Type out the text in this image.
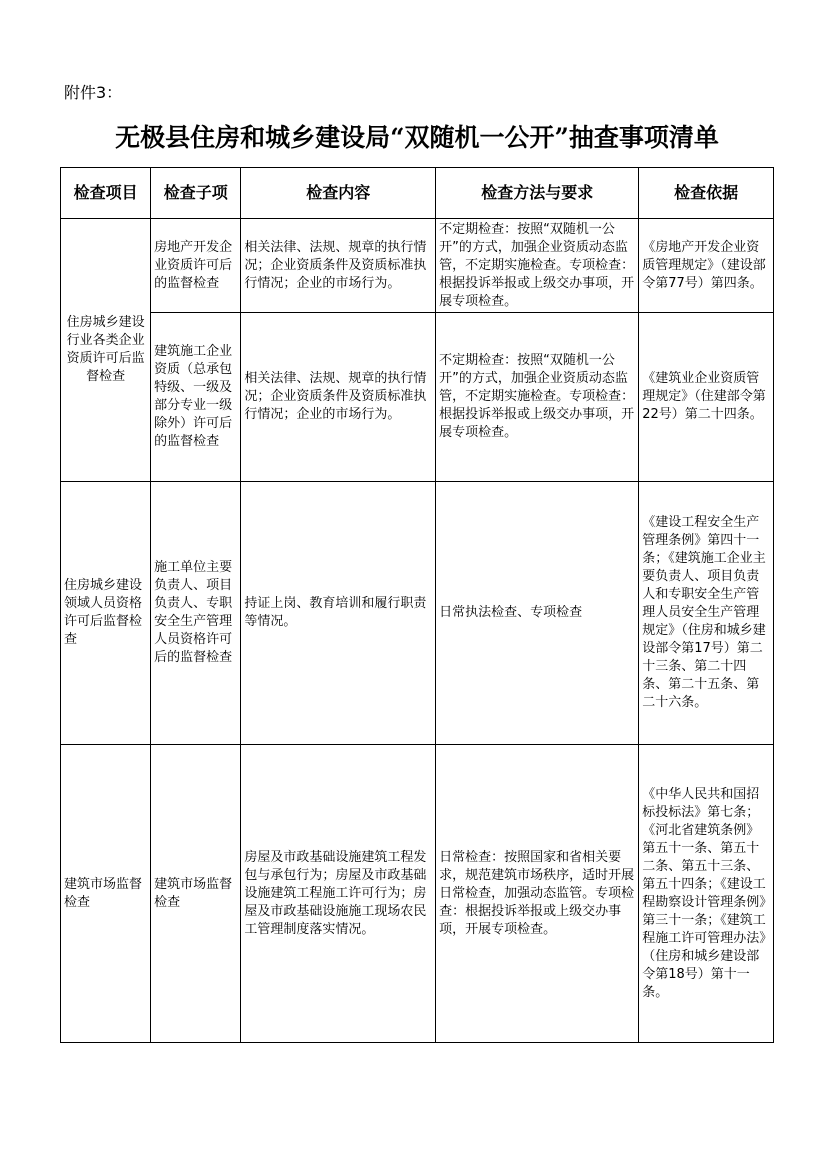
附件3：
无极县住房和城乡建设局“双随机一公开”抽查事项清单
检查项目	检查子项	检查内容	检查方法与要求	检查依据
住房城乡建设行业各类企业资质许可后监督检查	房地产开发企业资质许可后的监督检查	相关法律、法规、规章的执行情况；企业资质条件及资质标准执行情况；企业的市场行为。	不定期检查：按照“双随机一公开”的方式，加强企业资质动态监管，不定期实施检查。专项检查：根据投诉举报或上级交办事项，开展专项检查。	《房地产开发企业资质管理规定》（建设部令第77号）第四条。
	建筑施工企业资质（总承包特级、一级及部分专业一级除外）许可后的监督检查	相关法律、法规、规章的执行情况；企业资质条件及资质标准执行情况；企业的市场行为。	不定期检查：按照“双随机一公开”的方式，加强企业资质动态监管，不定期实施检查。专项检查：根据投诉举报或上级交办事项，开展专项检查。	《建筑业企业资质管理规定》（住建部令第22号）第二十四条。
住房城乡建设领域人员资格许可后监督检查	施工单位主要负责人、项目负责人、专职安全生产管理人员资格许可后的监督检查	持证上岗、教育培训和履行职责等情况。	日常执法检查、专项检查	《建设工程安全生产管理条例》第四十一条；《建筑施工企业主要负责人、项目负责人和专职安全生产管理人员安全生产管理规定》（住房和城乡建设部令第17号）第二十三条、第二十四条、第二十五条、第二十六条。
建筑市场监督检查	建筑市场监督检查	房屋及市政基础设施建筑工程发包与承包行为；房屋及市政基础设施建筑工程施工许可行为；房屋及市政基础设施施工现场农民工管理制度落实情况。	日常检查：按照国家和省相关要求，规范建筑市场秩序，适时开展日常检查，加强动态监管。专项检查：根据投诉举报或上级交办事项，开展专项检查。	《中华人民共和国招标投标法》第七条；《河北省建筑条例》第五十一条、第五十二条、第五十三条、第五十四条；《建设工程勘察设计管理条例》第三十一条；《建筑工程施工许可管理办法》（住房和城乡建设部令第18号）第十一条。
